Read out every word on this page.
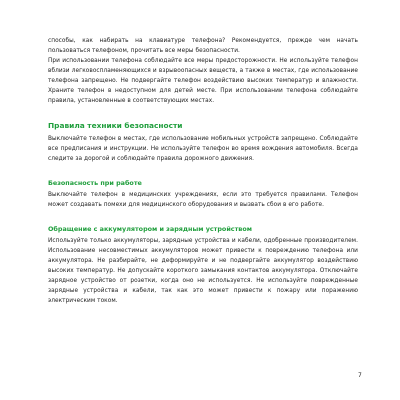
способы, как набирать на клавиатуре телефона? Рекомендуется, прежде чем начать пользоваться телефоном, прочитать все меры безопасности.

При использовании телефона соблюдайте все меры предосторожности. Не используйте телефон вблизи легковоспламеняющихся и взрывоопасных веществ, а также в местах, где использование телефона запрещено. Не подвергайте телефон воздействию высоких температур и влажности. Храните телефон в недоступном для детей месте. При использовании телефона соблюдайте правила, установленные в соответствующих местах.

Правила техники безопасности

Выключайте телефон в местах, где использование мобильных устройств запрещено. Соблюдайте все предписания и инструкции. Не используйте телефон во время вождения автомобиля. Всегда следите за дорогой и соблюдайте правила дорожного движения.

Безопасность при работе

Выключайте телефон в медицинских учреждениях, если это требуется правилами. Телефон может создавать помехи для медицинского оборудования и вызвать сбои в его работе.

Обращение с аккумулятором и зарядным устройством

Используйте только аккумуляторы, зарядные устройства и кабели, одобренные производителем. Использование несовместимых аккумуляторов может привести к повреждению телефона или аккумулятора. Не разбирайте, не деформируйте и не подвергайте аккумулятор воздействию высоких температур. Не допускайте короткого замыкания контактов аккумулятора. Отключайте зарядное устройство от розетки, когда оно не используется. Не используйте поврежденные зарядные устройства и кабели, так как это может привести к пожару или поражению электрическим током.

7
